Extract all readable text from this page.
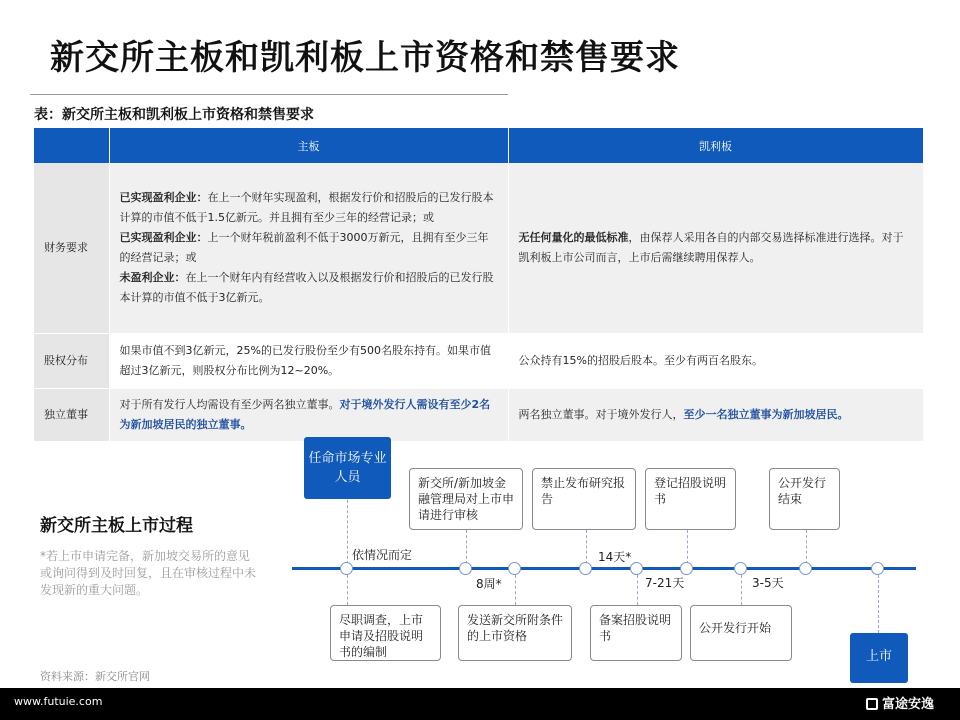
新交所主板和凯利板上市资格和禁售要求
表：新交所主板和凯利板上市资格和禁售要求
	主板	凯利板
财务要求	已实现盈利企业：在上一个财年实现盈利，根据发行价和招股后的已发行股本计算的市值不低于1.5亿新元。并且拥有至少三年的经营记录；或
已实现盈利企业：上一个财年税前盈利不低于3000万新元，且拥有至少三年的经营记录；或
未盈利企业：在上一个财年内有经营收入以及根据发行价和招股后的已发行股本计算的市值不低于3亿新元。	无任何量化的最低标准，由保荐人采用各自的内部交易选择标准进行选择。对于凯利板上市公司而言，上市后需继续聘用保荐人。
股权分布	如果市值不到3亿新元，25%的已发行股份至少有500名股东持有。如果市值超过3亿新元，则股权分布比例为12~20%。	公众持有15%的招股后股本。至少有两百名股东。
独立董事	对于所有发行人均需设有至少两名独立董事。对于境外发行人需设有至少2名为新加坡居民的独立董事。	两名独立董事。对于境外发行人，至少一名独立董事为新加坡居民。
新交所主板上市过程
*若上市申请完备，新加坡交易所的意见或询问得到及时回复，且在审核过程中未发现新的重大问题。
资料来源：新交所官网
依情况而定
8周*
14天*
7-21天	3-5天
任命市场专业人员	新交所/新加坡金融管理局对上市申请进行审核
禁止发布研究报告
登记招股说明书
公开发行结束
尽职调查，上市申请及招股说明书的编制
发送新交所附条件的上市资格
备案招股说明书
公开发行开始
上市
www.futuie.com	富途安逸
